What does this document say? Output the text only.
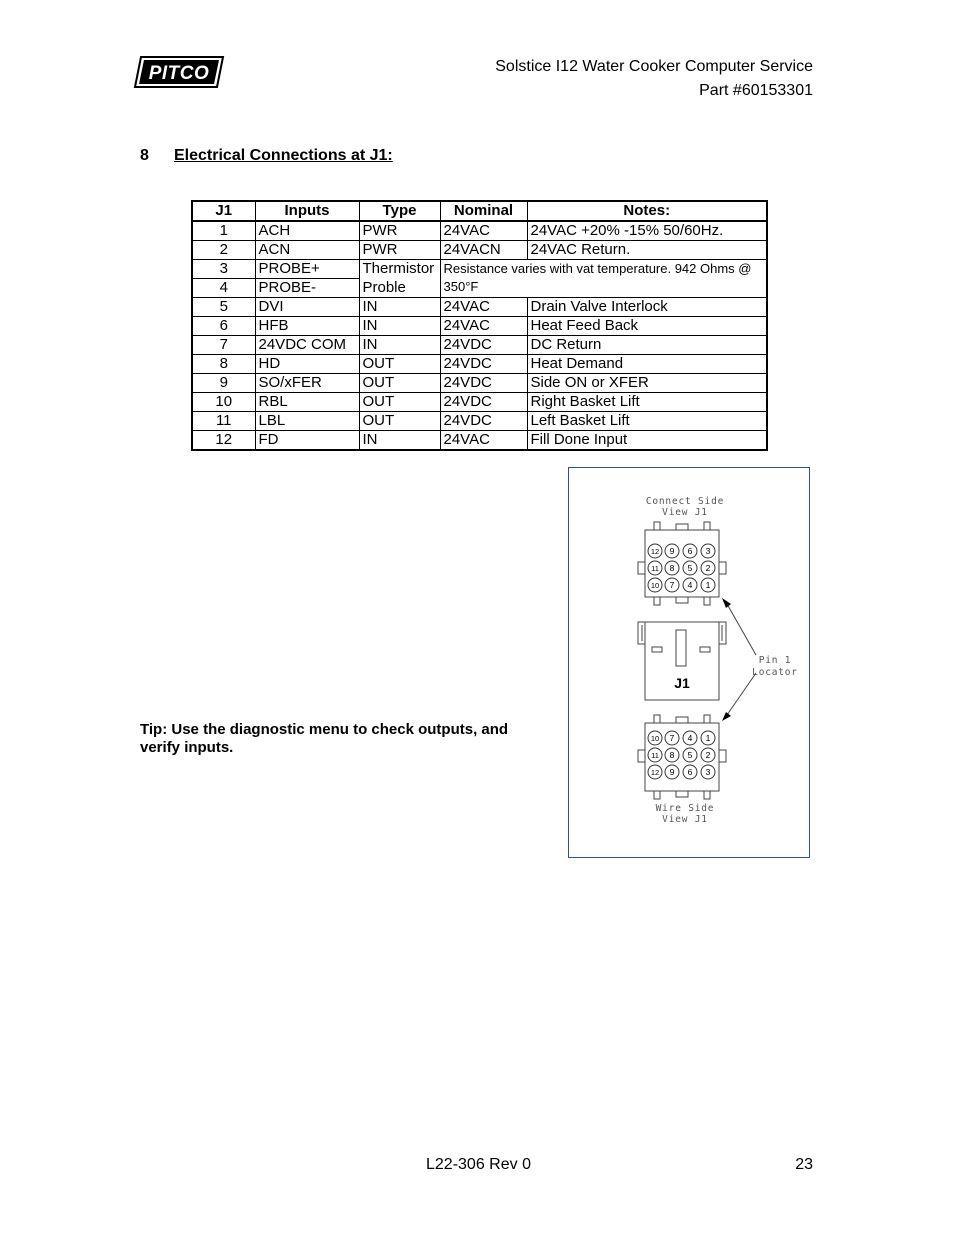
PITCO	Solstice I12 Water Cooker Computer Service
Part #60153301
8 Electrical Connections at J1:
J1	Inputs	Type	Nominal	Notes:
1	ACH	PWR	24VAC	24VAC +20% -15% 50/60Hz.
2	ACN	PWR	24VACN	24VAC Return.
3	PROBE+	Thermistor	Resistance varies with vat temperature. 942 Ohms @ 350°F	
4	PROBE-	Proble		
5	DVI	IN	24VAC	Drain Valve Interlock
6	HFB	IN	24VAC	Heat Feed Back
7	24VDC COM	IN	24VDC	DC Return
8	HD	OUT	24VDC	Heat Demand
9	SO/xFER	OUT	24VDC	Side ON or XFER
10	RBL	OUT	24VDC	Right Basket Lift
11	LBL	OUT	24VDC	Left Basket Lift
12	FD	IN	24VAC	Fill Done Input
Tip: Use the diagnostic menu to check outputs, and verify inputs.
Connect Side
View J1
12 9 6 3
11 8 5 2
10 7 4 1
J1
Pin 1
Locator
10 7 4 1
11 8 5 2
12 9 6 3
Wire Side
View J1
L22-306 Rev 0	23
